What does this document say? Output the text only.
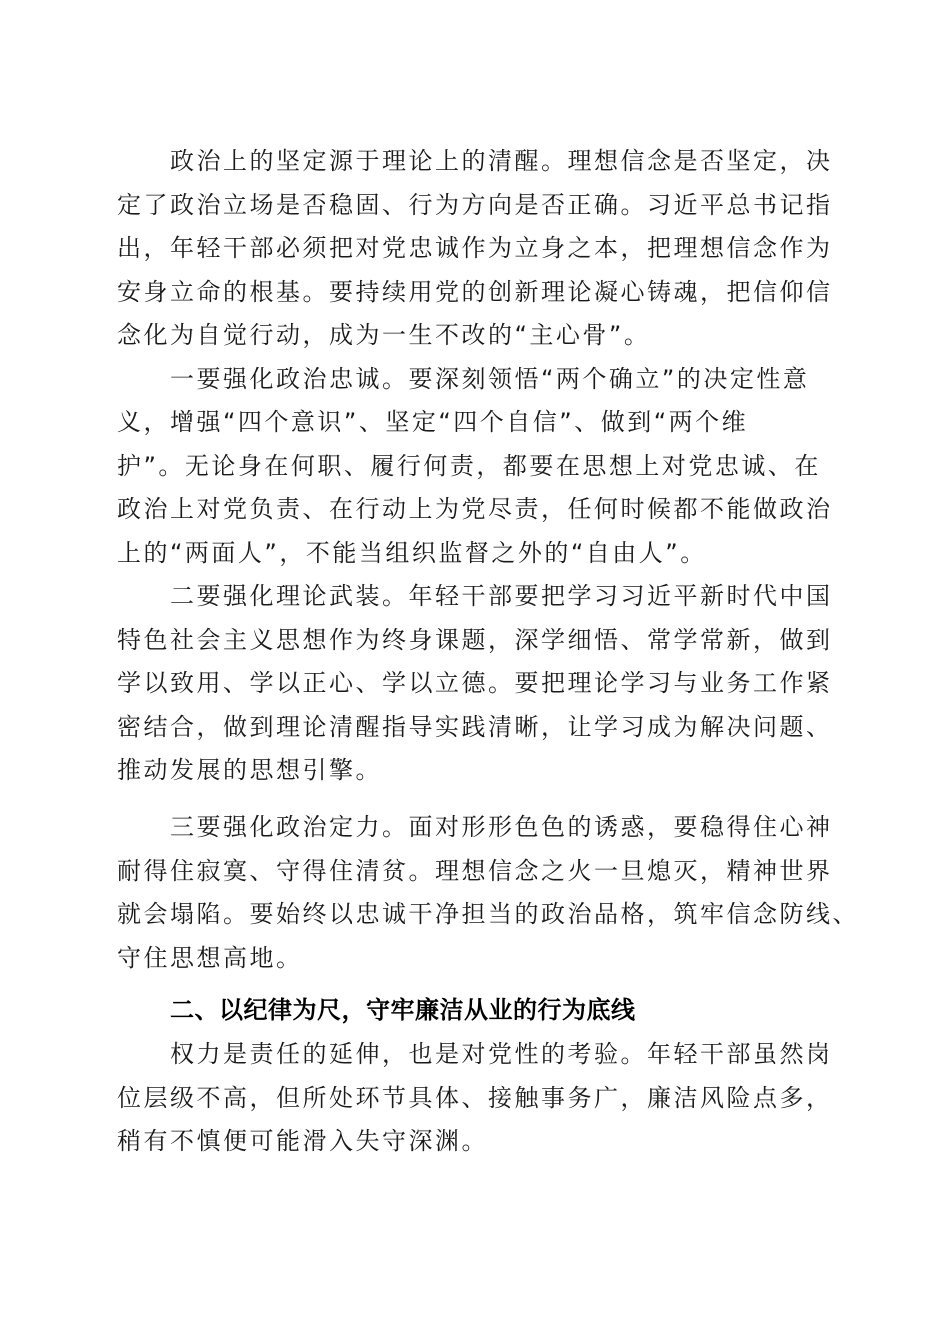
政治上的坚定源于理论上的清醒。理想信念是否坚定，决
定了政治立场是否稳固、行为方向是否正确。习近平总书记指
出，年轻干部必须把对党忠诚作为立身之本，把理想信念作为
安身立命的根基。要持续用党的创新理论凝心铸魂，把信仰信
念化为自觉行动，成为一生不改的“主心骨”。
一要强化政治忠诚。要深刻领悟“两个确立”的决定性意
义，增强“四个意识”、坚定“四个自信”、做到“两个维
护”。无论身在何职、履行何责，都要在思想上对党忠诚、在
政治上对党负责、在行动上为党尽责，任何时候都不能做政治
上的“两面人”，不能当组织监督之外的“自由人”。
二要强化理论武装。年轻干部要把学习习近平新时代中国
特色社会主义思想作为终身课题，深学细悟、常学常新，做到
学以致用、学以正心、学以立德。要把理论学习与业务工作紧
密结合，做到理论清醒指导实践清晰，让学习成为解决问题、
推动发展的思想引擎。
三要强化政治定力。面对形形色色的诱惑，要稳得住心神
耐得住寂寞、守得住清贫。理想信念之火一旦熄灭，精神世界
就会塌陷。要始终以忠诚干净担当的政治品格，筑牢信念防线、
守住思想高地。
二、以纪律为尺，守牢廉洁从业的行为底线
权力是责任的延伸，也是对党性的考验。年轻干部虽然岗
位层级不高，但所处环节具体、接触事务广，廉洁风险点多，
稍有不慎便可能滑入失守深渊。
